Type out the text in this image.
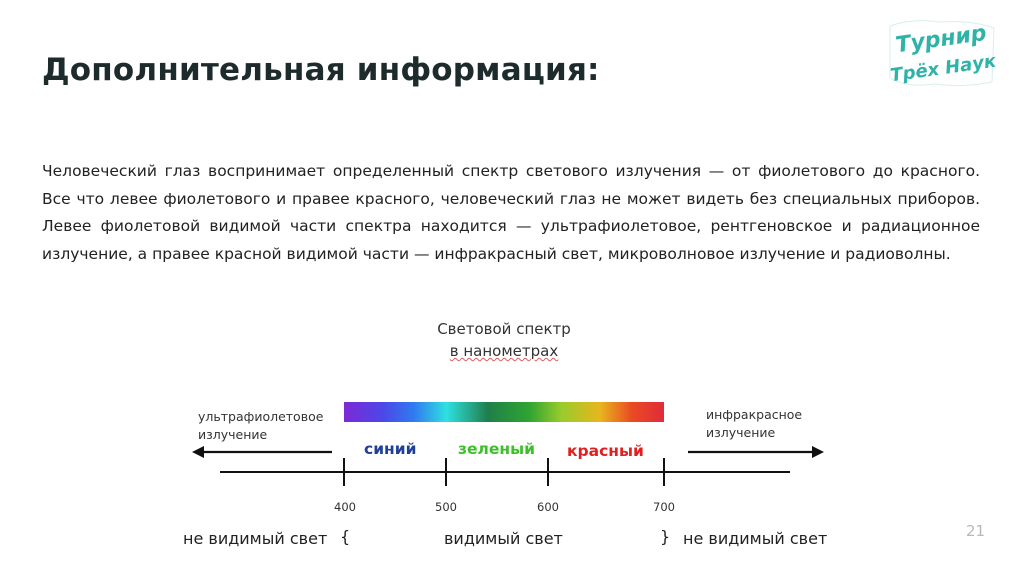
Дополнительная информация:
Турнир
Трёх Наук
Человеческий глаз воспринимает определенный спектр светового излучения — от фиолетового до красного. Все что левее фиолетового и правее красного, человеческий глаз не может видеть без специальных приборов. Левее фиолетовой видимой части спектра находится — ультрафиолетовое, рентгеновское и радиационное излучение, а правее красной видимой части — инфракрасный свет, микроволновое излучение и радиоволны.
Световой спектр
в нанометрах
ультрафиолетовое
излучение
инфракрасное
излучение
синий	зеленый красный
400	500	600	700
не видимый свет {	видимый свет	} не видимый свет	21
